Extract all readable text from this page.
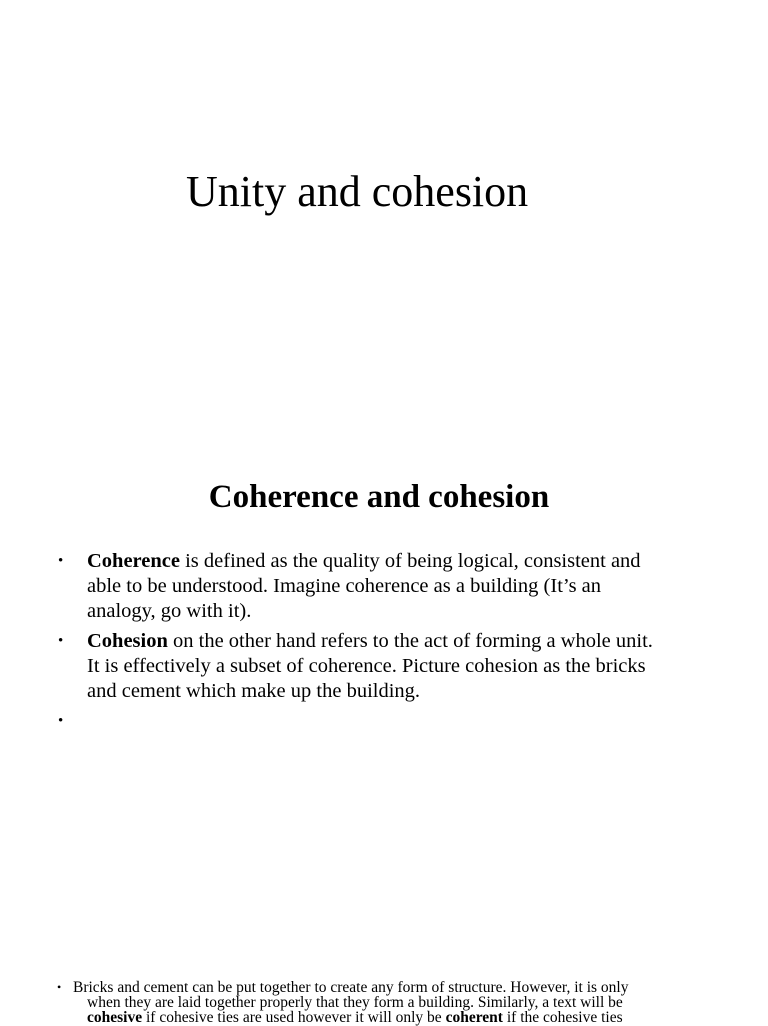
Unity and cohesion
Coherence and cohesion
• Coherence is defined as the quality of being logical, consistent and
able to be understood. Imagine coherence as a building (It’s an
analogy, go with it).
• Cohesion on the other hand refers to the act of forming a whole unit.
It is effectively a subset of coherence. Picture cohesion as the bricks
and cement which make up the building.
•
• Bricks and cement can be put together to create any form of structure. However, it is only
when they are laid together properly that they form a building. Similarly, a text will be
cohesive if cohesive ties are used however it will only be coherent if the cohesive ties
